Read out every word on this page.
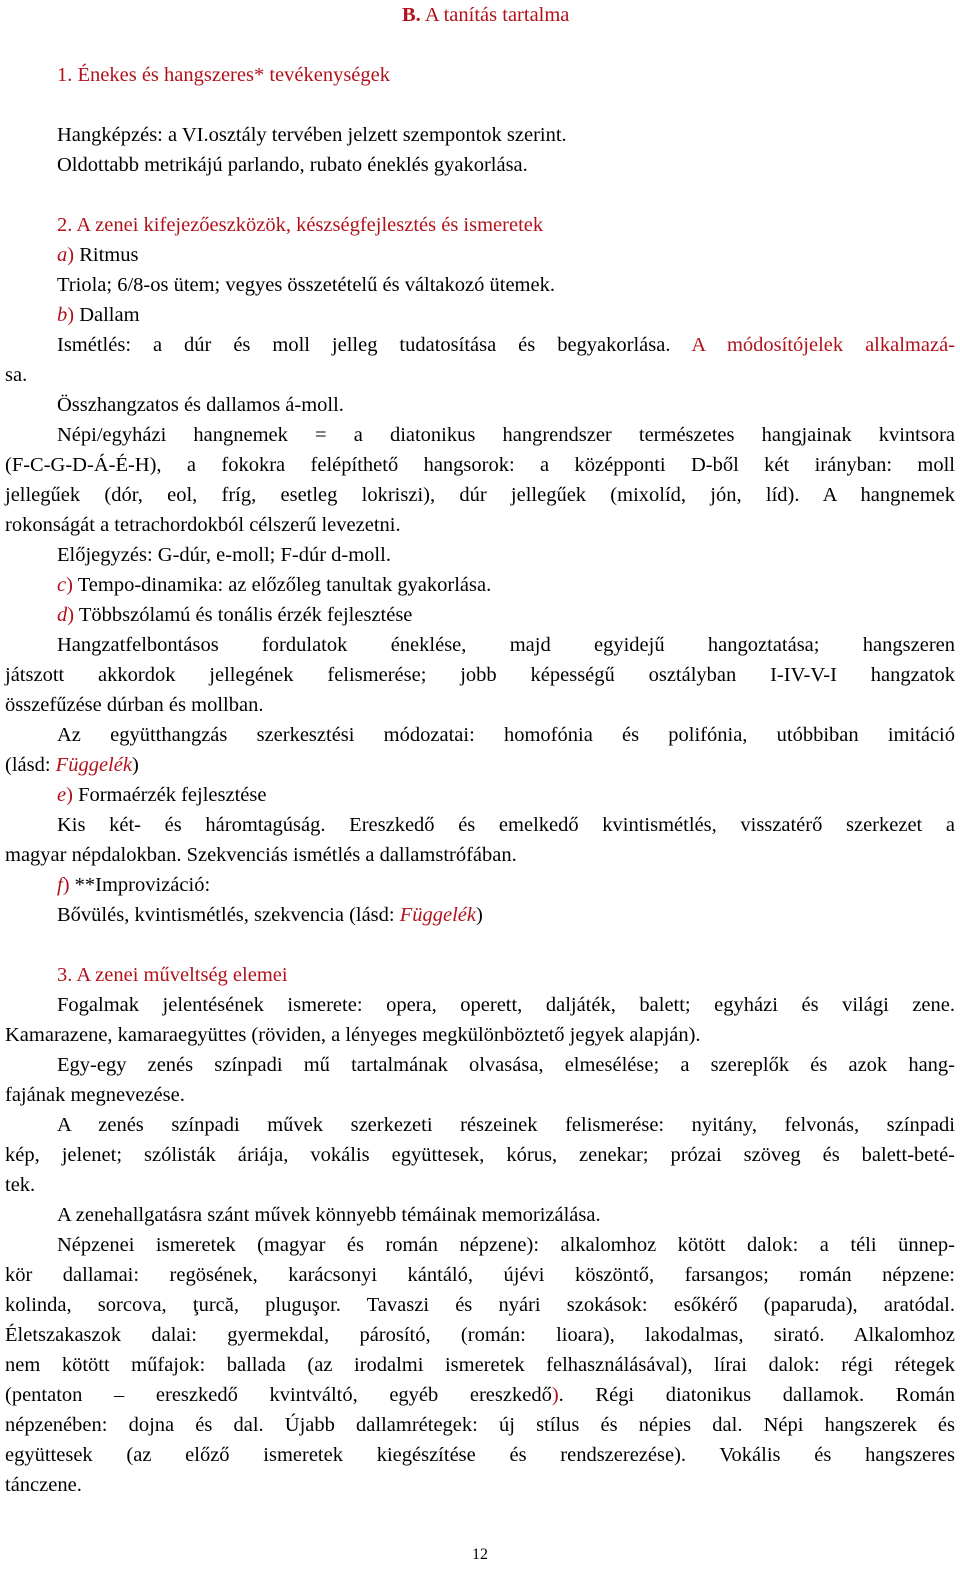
B. A tanítás tartalma
1. Énekes és hangszeres* tevékenységek
Hangképzés: a VI.osztály tervében jelzett szempontok szerint.
Oldottabb metrikájú parlando, rubato éneklés gyakorlása.
2. A zenei kifejezőeszközök, készségfejlesztés és ismeretek
a) Ritmus
Triola; 6/8-os ütem; vegyes összetételű és váltakozó ütemek.
b) Dallam
Ismétlés: a dúr és moll jelleg tudatosítása és begyakorlása. A módosítójelek alkalmazá-
sa.
Összhangzatos és dallamos á-moll.
Népi/egyházi hangnemek = a diatonikus hangrendszer természetes hangjainak kvintsora
(F-C-G-D-Á-É-H), a fokokra felépíthető hangsorok: a középponti D-ből két irányban: moll
jellegűek (dór, eol, fríg, esetleg lokriszi), dúr jellegűek (mixolíd, jón, líd). A hangnemek
rokonságát a tetrachordokból célszerű levezetni.
Előjegyzés: G-dúr, e-moll; F-dúr d-moll.
c) Tempo-dinamika: az előzőleg tanultak gyakorlása.
d) Többszólamú és tonális érzék fejlesztése
Hangzatfelbontásos fordulatok éneklése, majd egyidejű hangoztatása; hangszeren
játszott akkordok jellegének felismerése; jobb képességű osztályban I-IV-V-I hangzatok
összefűzése dúrban és mollban.
Az együtthangzás szerkesztési módozatai: homofónia és polifónia, utóbbiban imitáció
(lásd: Függelék)
e) Formaérzék fejlesztése
Kis két- és háromtagúság. Ereszkedő és emelkedő kvintismétlés, visszatérő szerkezet a
magyar népdalokban. Szekvenciás ismétlés a dallamstrófában.
f) **Improvizáció:
Bővülés, kvintismétlés, szekvencia (lásd: Függelék)
3. A zenei műveltség elemei
Fogalmak jelentésének ismerete: opera, operett, daljáték, balett; egyházi és világi zene.
Kamarazene, kamaraegyüttes (röviden, a lényeges megkülönböztető jegyek alapján).
Egy-egy zenés színpadi mű tartalmának olvasása, elmesélése; a szereplők és azok hang-
fajának megnevezése.
A zenés színpadi művek szerkezeti részeinek felismerése: nyitány, felvonás, színpadi
kép, jelenet; szólisták áriája, vokális együttesek, kórus, zenekar; prózai szöveg és balett-beté-
tek.
A zenehallgatásra szánt művek könnyebb témáinak memorizálása.
Népzenei ismeretek (magyar és román népzene): alkalomhoz kötött dalok: a téli ünnep-
kör dallamai: regösének, karácsonyi kántáló, újévi köszöntő, farsangos; román népzene:
kolinda, sorcova, ţurcă, pluguşor. Tavaszi és nyári szokások: esőkérő (paparuda), aratódal.
Életszakaszok dalai: gyermekdal, párosító, (román: lioara), lakodalmas, sirató. Alkalomhoz
nem kötött műfajok: ballada (az irodalmi ismeretek felhasználásával), lírai dalok: régi rétegek
(pentaton – ereszkedő kvintváltó, egyéb ereszkedő). Régi diatonikus dallamok. Román
népzenében: dojna és dal. Újabb dallamrétegek: új stílus és népies dal. Népi hangszerek és
együttesek (az előző ismeretek kiegészítése és rendszerezése). Vokális és hangszeres
tánczene.
12
